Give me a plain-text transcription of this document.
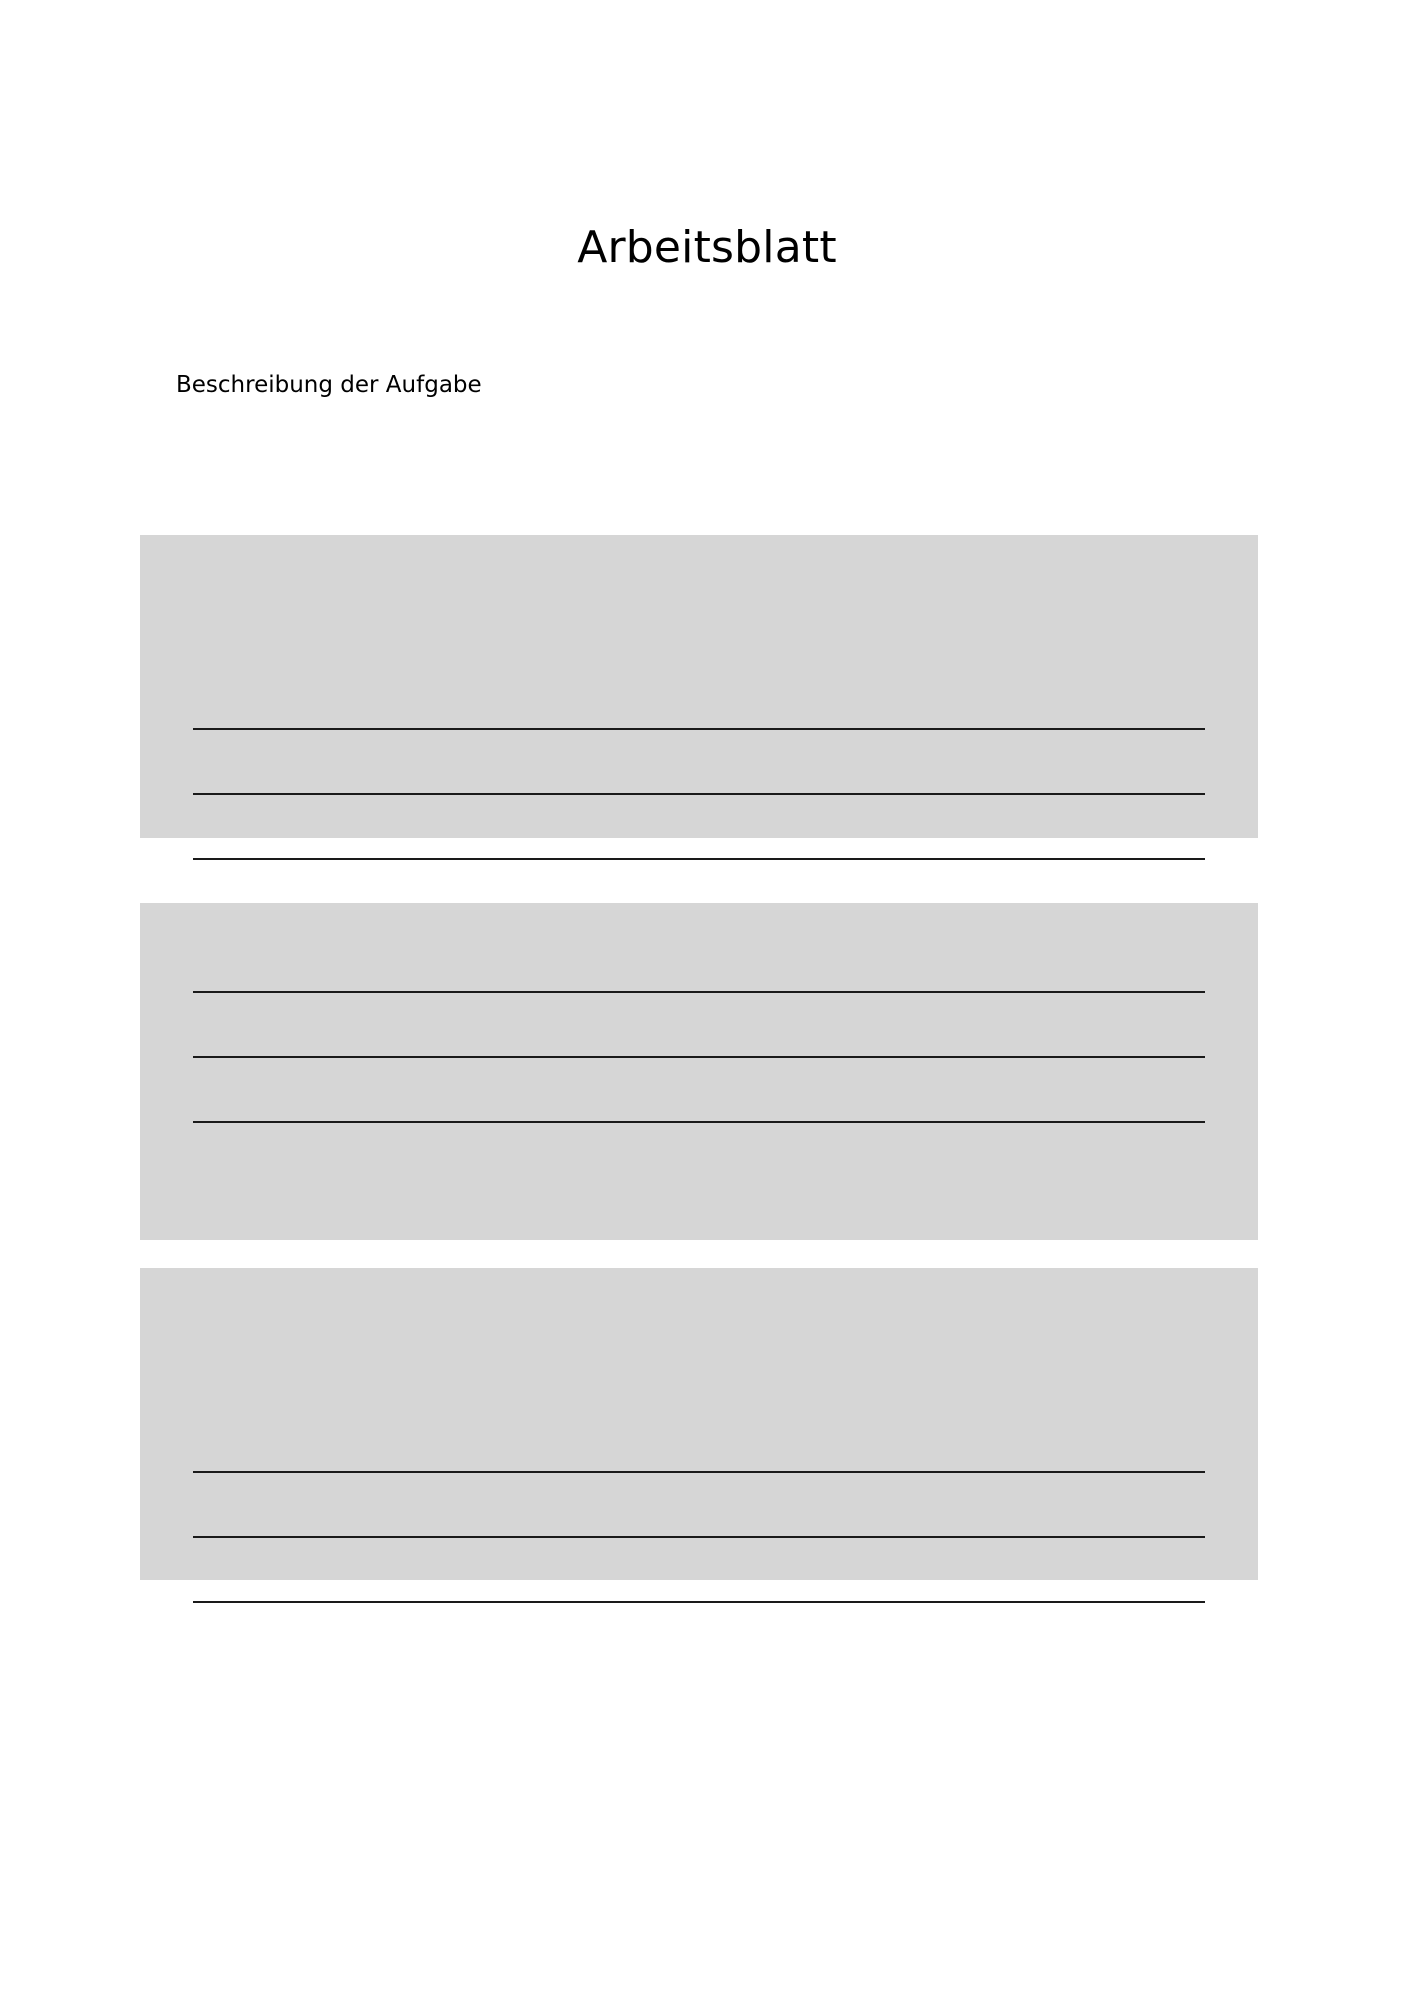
Arbeitsblatt
Beschreibung der Aufgabe
